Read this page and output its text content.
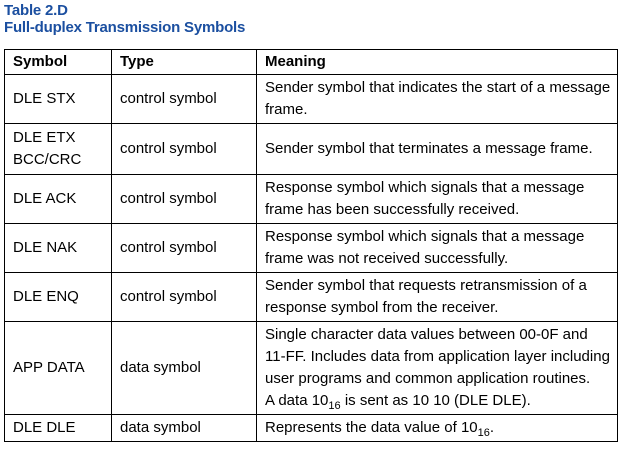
Table 2.D
Full-duplex Transmission Symbols
Symbol	Type	Meaning
DLE STX	control symbol	Sender symbol that indicates the start of a message frame.

DLE ETX
BCC/CRC	control symbol	Sender symbol that terminates a message frame.
DLE ACK	control symbol	Response symbol which signals that a message frame has been successfully received.
DLE NAK	control symbol	Response symbol which signals that a message frame was not received successfully.
DLE ENQ	control symbol	Sender symbol that requests retransmission of a response symbol from the receiver.
APP DATA	data symbol	Single character data values between 00-0F and 11-FF. Includes data from application layer including user programs and common application routines.
A data $10_{16}$ is sent as 10 10 (DLE DLE).
DLE DLE	data symbol	Represents the data value of $10_{16}$.
